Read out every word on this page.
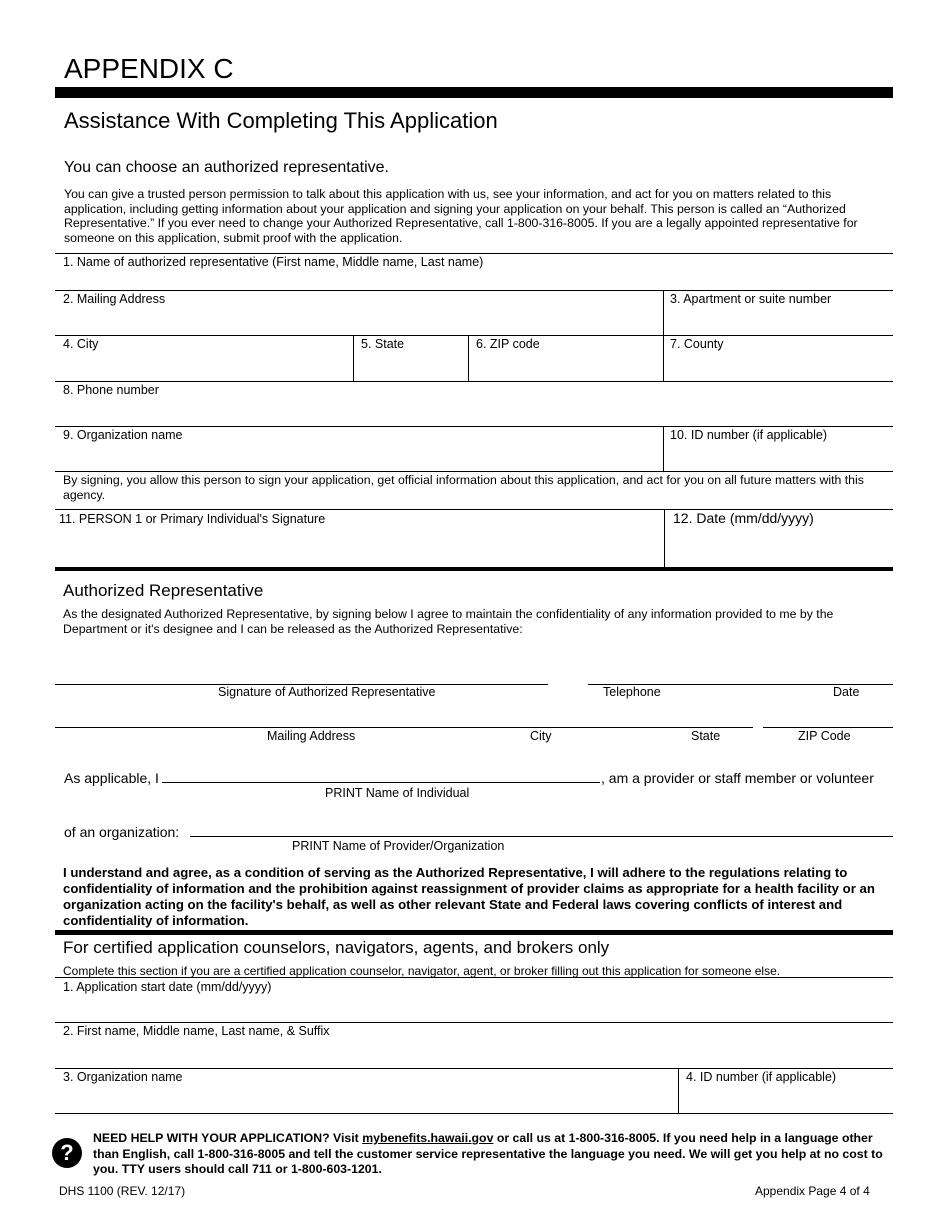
APPENDIX C
Assistance With Completing This Application
You can choose an authorized representative.
You can give a trusted person permission to talk about this application with us, see your information, and act for you on matters related to this application, including getting information about your application and signing your application on your behalf. This person is called an “Authorized Representative.” If you ever need to change your Authorized Representative, call 1-800-316-8005. If you are a legally appointed representative for someone on this application, submit proof with the application.
1. Name of authorized representative (First name, Middle name, Last name)
2. Mailing Address	3. Apartment or suite number
4. City	5. State	6. ZIP code	7. County
8. Phone number
9. Organization name	10. ID number (if applicable)
By signing, you allow this person to sign your application, get official information about this application, and act for you on all future matters with this agency.
11. PERSON 1 or Primary Individual's Signature	12. Date (mm/dd/yyyy)
Authorized Representative
As the designated Authorized Representative, by signing below I agree to maintain the confidentiality of any information provided to me by the Department or it's designee and I can be released as the Authorized Representative:
Signature of Authorized Representative	Telephone	Date
Mailing Address	City	State	ZIP Code
As applicable, I	, am a provider or staff member or volunteer
PRINT Name of Individual
of an organization:
PRINT Name of Provider/Organization
I understand and agree, as a condition of serving as the Authorized Representative, I will adhere to the regulations relating to confidentiality of information and the prohibition against reassignment of provider claims as appropriate for a health facility or an organization acting on the facility's behalf, as well as other relevant State and Federal laws covering conflicts of interest and confidentiality of information.
For certified application counselors, navigators, agents, and brokers only
Complete this section if you are a certified application counselor, navigator, agent, or broker filling out this application for someone else.
1. Application start date (mm/dd/yyyy)
2. First name, Middle name, Last name, & Suffix
3. Organization name	4. ID number (if applicable)
?
NEED HELP WITH YOUR APPLICATION? Visit mybenefits.hawaii.gov or call us at 1-800-316-8005. If you need help in a language other than English, call 1-800-316-8005 and tell the customer service representative the language you need. We will get you help at no cost to you. TTY users should call 711 or 1-800-603-1201.
DHS 1100 (REV. 12/17)	Appendix Page 4 of 4
